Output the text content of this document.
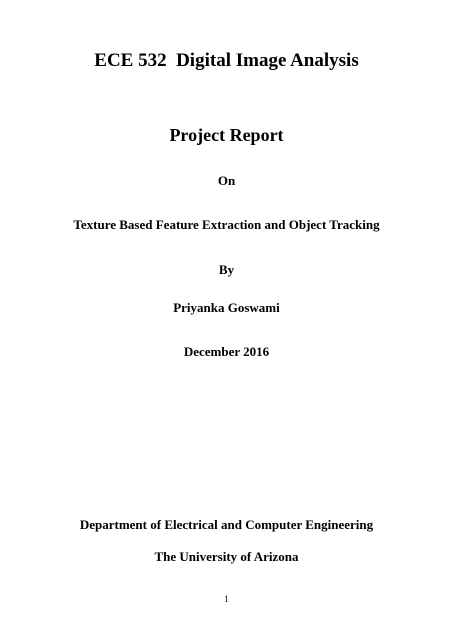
ECE 532  Digital Image Analysis
Project Report
On
Texture Based Feature Extraction and Object Tracking
By
Priyanka Goswami
December 2016
Department of Electrical and Computer Engineering
The University of Arizona
1
